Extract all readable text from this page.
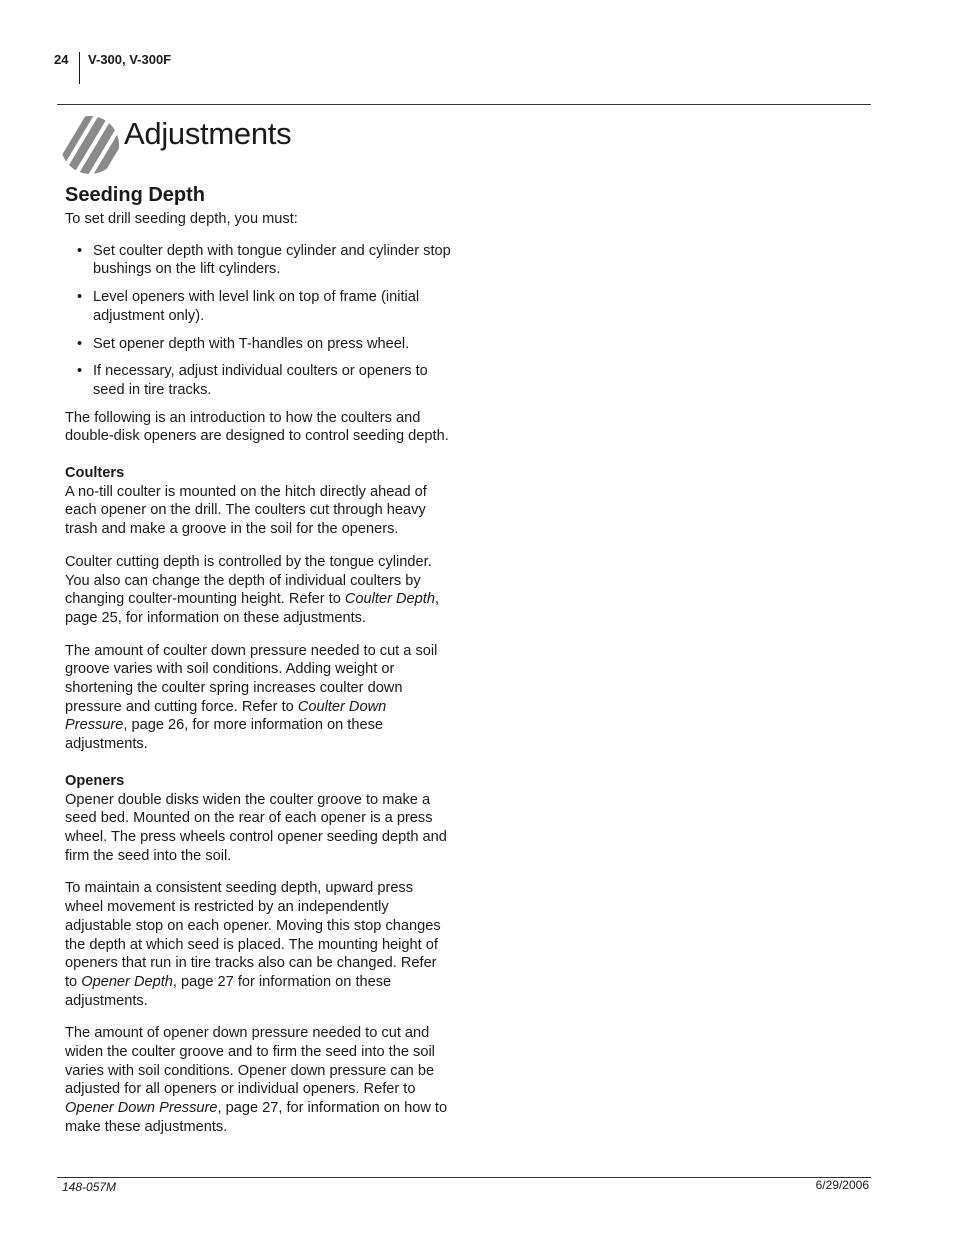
24 V-300, V-300F
Adjustments
Seeding Depth

To set drill seeding depth, you must:

• Set coulter depth with tongue cylinder and cylinder stop bushings on the lift cylinders.
• Level openers with level link on top of frame (initial adjustment only).
• Set opener depth with T-handles on press wheel.
• If necessary, adjust individual coulters or openers to seed in tire tracks.

The following is an introduction to how the coulters and double-disk openers are designed to control seeding depth.

Coulters

A no-till coulter is mounted on the hitch directly ahead of each opener on the drill. The coulters cut through heavy trash and make a groove in the soil for the openers.

Coulter cutting depth is controlled by the tongue cylinder. You also can change the depth of individual coulters by changing coulter-mounting height. Refer to Coulter Depth, page 25, for information on these adjustments.

The amount of coulter down pressure needed to cut a soil groove varies with soil conditions. Adding weight or shortening the coulter spring increases coulter down pressure and cutting force. Refer to Coulter Down Pressure, page 26, for more information on these adjustments.

Openers

Opener double disks widen the coulter groove to make a seed bed. Mounted on the rear of each opener is a press wheel. The press wheels control opener seeding depth and firm the seed into the soil.

To maintain a consistent seeding depth, upward press wheel movement is restricted by an independently adjustable stop on each opener. Moving this stop changes the depth at which seed is placed. The mounting height of openers that run in tire tracks also can be changed. Refer to Opener Depth, page 27 for information on these adjustments.

The amount of opener down pressure needed to cut and widen the coulter groove and to firm the seed into the soil varies with soil conditions. Opener down pressure can be adjusted for all openers or individual openers. Refer to Opener Down Pressure, page 27, for information on how to make these adjustments.

148-057M	6/29/2006
